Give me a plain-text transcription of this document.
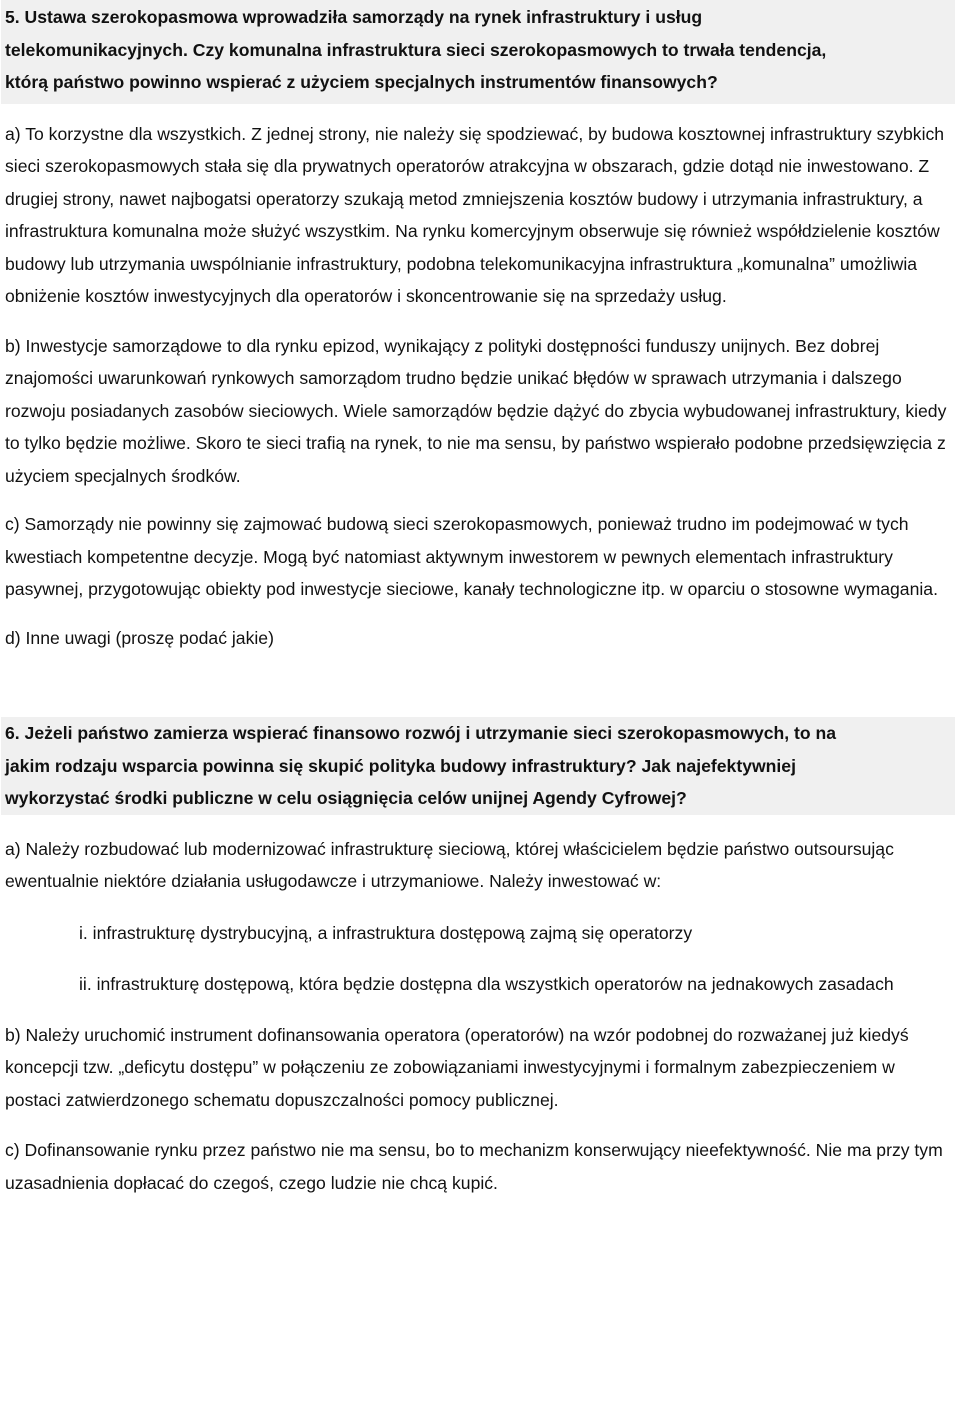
5. Ustawa szerokopasmowa wprowadziła samorządy na rynek infrastruktury i usług
telekomunikacyjnych. Czy komunalna infrastruktura sieci szerokopasmowych to trwała tendencja,
którą państwo powinno wspierać z użyciem specjalnych instrumentów finansowych?

a) To korzystne dla wszystkich. Z jednej strony, nie należy się spodziewać, by budowa kosztownej infrastruktury szybkich sieci szerokopasmowych stała się dla prywatnych operatorów atrakcyjna w obszarach, gdzie dotąd nie inwestowano. Z drugiej strony, nawet najbogatsi operatorzy szukają metod zmniejszenia kosztów budowy i utrzymania infrastruktury, a infrastruktura komunalna może służyć wszystkim. Na rynku komercyjnym obserwuje się również współdzielenie kosztów budowy lub utrzymania uwspólnianie infrastruktury, podobna telekomunikacyjna infrastruktura „komunalna” umożliwia obniżenie kosztów inwestycyjnych dla operatorów i skoncentrowanie się na sprzedaży usług.

b) Inwestycje samorządowe to dla rynku epizod, wynikający z polityki dostępności funduszy unijnych. Bez dobrej znajomości uwarunkowań rynkowych samorządom trudno będzie unikać błędów w sprawach utrzymania i dalszego rozwoju posiadanych zasobów sieciowych. Wiele samorządów będzie dążyć do zbycia wybudowanej infrastruktury, kiedy to tylko będzie możliwe. Skoro te sieci trafią na rynek, to nie ma sensu, by państwo wspierało podobne przedsięwzięcia z użyciem specjalnych środków.

c) Samorządy nie powinny się zajmować budową sieci szerokopasmowych, ponieważ trudno im podejmować w tych kwestiach kompetentne decyzje. Mogą być natomiast aktywnym inwestorem w pewnych elementach infrastruktury pasywnej, przygotowując obiekty pod inwestycje sieciowe, kanały technologiczne itp. w oparciu o stosowne wymagania.

d) Inne uwagi (proszę podać jakie)

6. Jeżeli państwo zamierza wspierać finansowo rozwój i utrzymanie sieci szerokopasmowych, to na
jakim rodzaju wsparcia powinna się skupić polityka budowy infrastruktury? Jak najefektywniej
wykorzystać środki publiczne w celu osiągnięcia celów unijnej Agendy Cyfrowej?

a) Należy rozbudować lub modernizować infrastrukturę sieciową, której właścicielem będzie państwo outsoursując ewentualnie niektóre działania usługodawcze i utrzymaniowe. Należy inwestować w:

i. infrastrukturę dystrybucyjną, a infrastruktura dostępową zajmą się operatorzy

ii. infrastrukturę dostępową, która będzie dostępna dla wszystkich operatorów na jednakowych zasadach

b) Należy uruchomić instrument dofinansowania operatora (operatorów) na wzór podobnej do rozważanej już kiedyś koncepcji tzw. „deficytu dostępu” w połączeniu ze zobowiązaniami inwestycyjnymi i formalnym zabezpieczeniem w postaci zatwierdzonego schematu dopuszczalności pomocy publicznej.

c) Dofinansowanie rynku przez państwo nie ma sensu, bo to mechanizm konserwujący nieefektywność. Nie ma przy tym uzasadnienia dopłacać do czegoś, czego ludzie nie chcą kupić.
